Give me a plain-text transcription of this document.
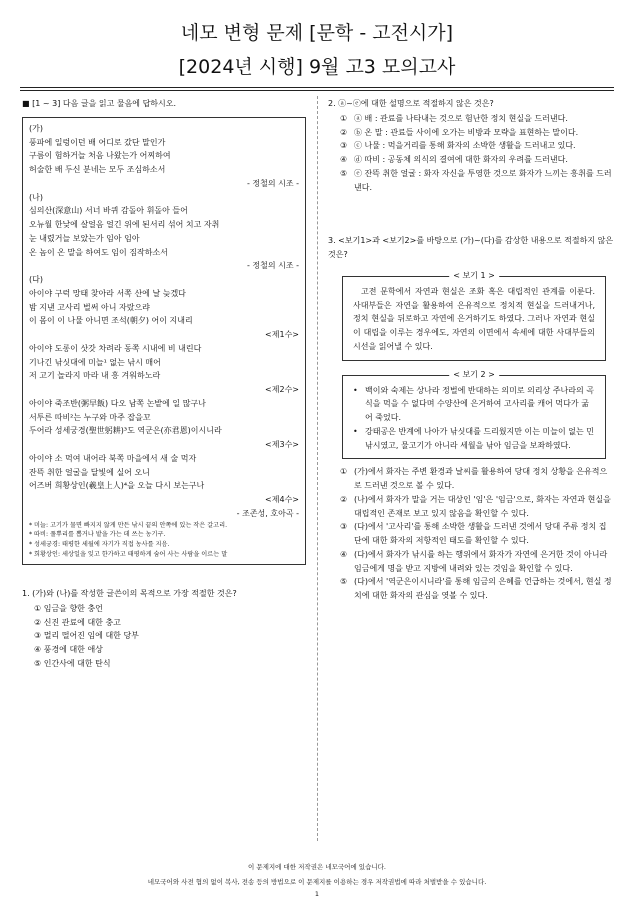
네모 변형 문제 [문학 - 고전시가]
[2024년 시행] 9월 고3 모의고사

■ [1 ~ 3] 다음 글을 읽고 물음에 답하시오.

(가)

풍파에 일렁이던 배 어디로 갔단 말인가

구름이 험하거늘 처음 나왔는가 어찌하여

허술한 배 두신 분네는 모두 조심하소서

- 정철의 시조 -

(나)

심의산(深意山) 서너 바퀴 감돌아 휘돌아 들어

오뉴월 한낮에 살얼음 얼긴 위에 된서리 섞어 치고 자취

눈 내렸거늘 보았는가 임아 임아

온 놈이 온 말을 하여도 임이 짐작하소서

- 정철의 시조 -

(다)

아이야 구럭 망태 찾아라 서쪽 산에 날 늦겠다

밤 지낸 고사리 벌써 아니 자랐으랴

이 몸이 이 나물 아니면 조석(朝夕) 어이 지내리

<제1수>

아이야 도롱이 삿갓 차려라 동쪽 시내에 비 내린다

기나긴 낚싯대에 미늘¹ 없는 낚시 매어

저 고기 놀라지 마라 내 흥 겨워하노라

<제2수>

아이야 죽조반(粥早飯) 다오 남쪽 논밭에 일 많구나

서투른 따비²는 누구와 마주 잡을꼬

두어라 성세궁경(聖世躬耕)³도 역군은(亦君恩)이시니라

<제3수>

아이야 소 먹여 내어라 북쪽 마을에서 새 술 먹자

잔뜩 취한 얼굴을 달빛에 실어 오니

어즈버 희황상인(羲皇上人)⁴을 오늘 다시 보는구나

<제4수>

- 조존성, 호아곡 -

* 미늘: 고기가 물면 빠지지 않게 만든 낚시 끝의 안쪽에 있는 작은 갈고리.

* 따비: 풀뿌리를 뽑거나 밭을 가는 데 쓰는 농기구.

* 성세궁경: 태평한 세월에 자기가 직접 농사를 지음.

* 희황상인: 세상일을 잊고 한가하고 태평하게 숨어 사는 사람을 이르는 말

1. (가)와 (나)를 작성한 글쓴이의 목적으로 가장 적절한 것은?

① 임금을 향한 충언

② 신진 관료에 대한 충고

③ 멀리 떨어진 임에 대한 당부

④ 풍경에 대한 애상

⑤ 인간사에 대한 탄식

2. ⓐ~ⓔ에 대한 설명으로 적절하지 않은 것은?

① ⓐ 배 : 관료를 나타내는 것으로 험난한 정치 현실을 드러낸다.
② ⓑ 온 말 : 관료들 사이에 오가는 비방과 모략을 표현하는 말이다.
③ ⓒ 나물 : 먹을거리를 통해 화자의 소박한 생활을 드러내고 있다.
④ ⓓ 따비 : 공동체 의식의 결여에 대한 화자의 우려를 드러낸다.
⑤ ⓔ 잔뜩 취한 얼굴 : 화자 자신을 투영한 것으로 화자가 느끼는 흥취를 드러낸다.

3. <보기1>과 <보기2>를 바탕으로 (가)~(다)를 감상한 내용으로 적절하지 않은 것은?

< 보기 1 >

고전 문학에서 자연과 현실은 조화 혹은 대립적인 관계를 이룬다. 사대부들은 자연을 활용하여 은유적으로 정치적 현실을 드러내거나, 정치 현실을 뒤로하고 자연에 은거하기도 하였다. 그러나 자연과 현실이 대립을 이루는 경우에도, 자연의 이면에서 속세에 대한 사대부들의 시선을 읽어낼 수 있다.

< 보기 2 >
• 백이와 숙제는 상나라 정벌에 반대하는 의미로 의리상 주나라의 곡식을 먹을 수 없다며 수양산에 은거하여 고사리를 캐어 먹다가 굶어 죽었다.
• 강태공은 반계에 나아가 낚싯대를 드리웠지만 이는 미늘이 없는 민낚시였고, 물고기가 아니라 세월을 낚아 임금을 보좌하였다.
① (가)에서 화자는 주변 환경과 날씨를 활용하여 당대 정치 상황을 은유적으로 드러낸 것으로 볼 수 있다.
② (나)에서 화자가 말을 거는 대상인 '임'은 '임금'으로, 화자는 자연과 현실을 대립적인 존재로 보고 있지 않음을 확인할 수 있다.
③ (다)에서 '고사리'를 통해 소박한 생활을 드러낸 것에서 당대 주류 정치 집단에 대한 화자의 저항적인 태도를 확인할 수 있다.
④ (다)에서 화자가 낚시를 하는 행위에서 화자가 자연에 은거한 것이 아니라 임금에게 명을 받고 지방에 내려와 있는 것임을 확인할 수 있다.
⑤ (다)에서 '역군은이시니라'를 통해 임금의 은혜를 언급하는 것에서, 현실 정치에 대한 화자의 관심을 엿볼 수 있다.
이 문제지에 대한 저작권은 네모국어에 있습니다.
네모국어와 사전 협의 없이 복사, 전송 등의 방법으로 이 문제지를 이용하는 경우 저작권법에 따라 처벌받을 수 있습니다.
1
